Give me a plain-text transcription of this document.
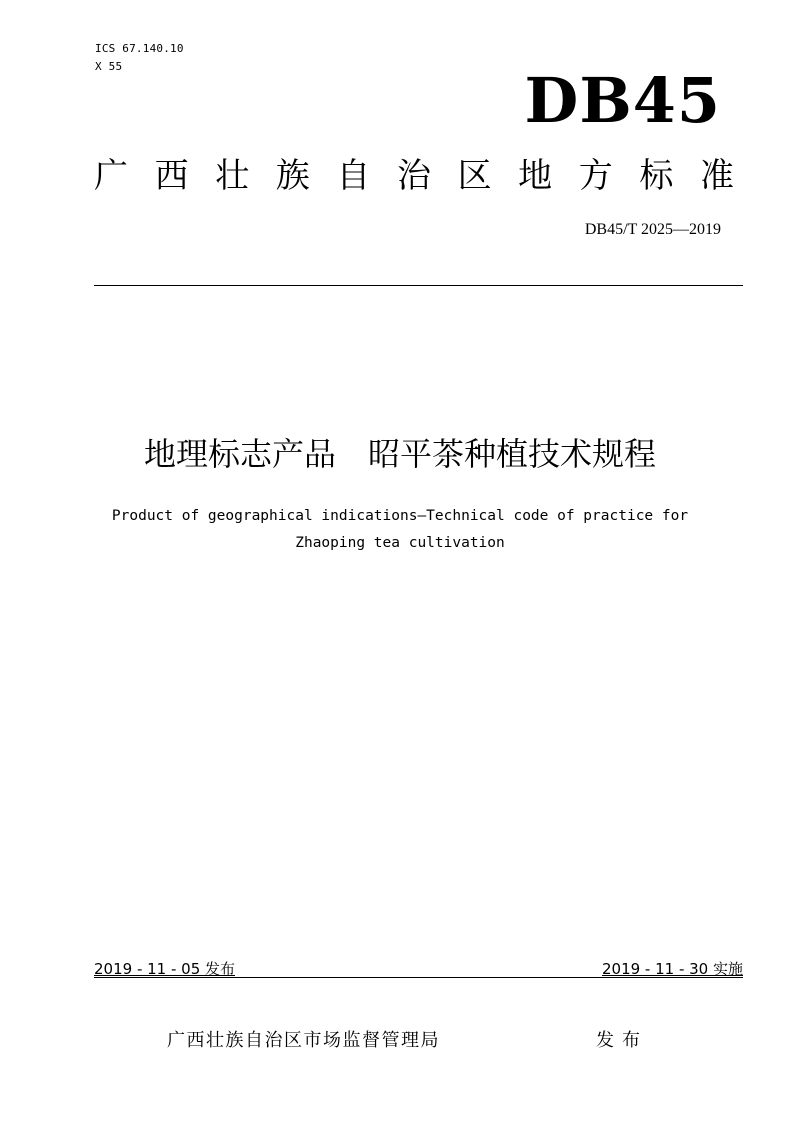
ICS 67.140.10
X 55	DB45
广 西 壮 族 自 治 区 地 方 标 准
DB45/T 2025—2019
地理标志产品　昭平茶种植技术规程
Product of geographical indications—Technical code of practice for
Zhaoping tea cultivation
2019 - 11 - 05 发布	2019 - 11 - 30 实施
广西壮族自治区市场监督管理局	发布
